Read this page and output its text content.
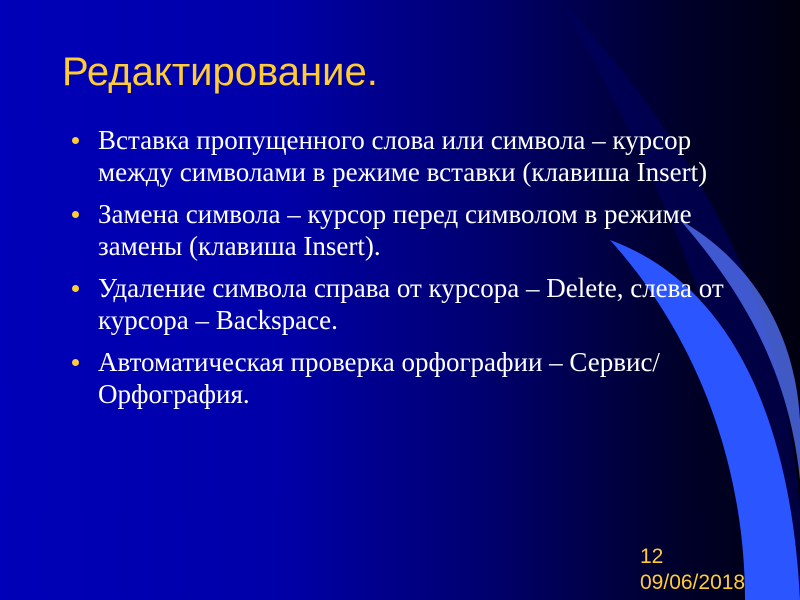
Редактирование.
Вставка пропущенного слова или символа – курсор между символами в режиме вставки (клавиша Insert)
Замена символа – курсор перед символом в режиме замены (клавиша Insert).
Удаление символа справа от курсора – Delete, слева от курсора – Backspace.
Автоматическая проверка орфографии – Сервис/Орфография.
12
09/06/2018
